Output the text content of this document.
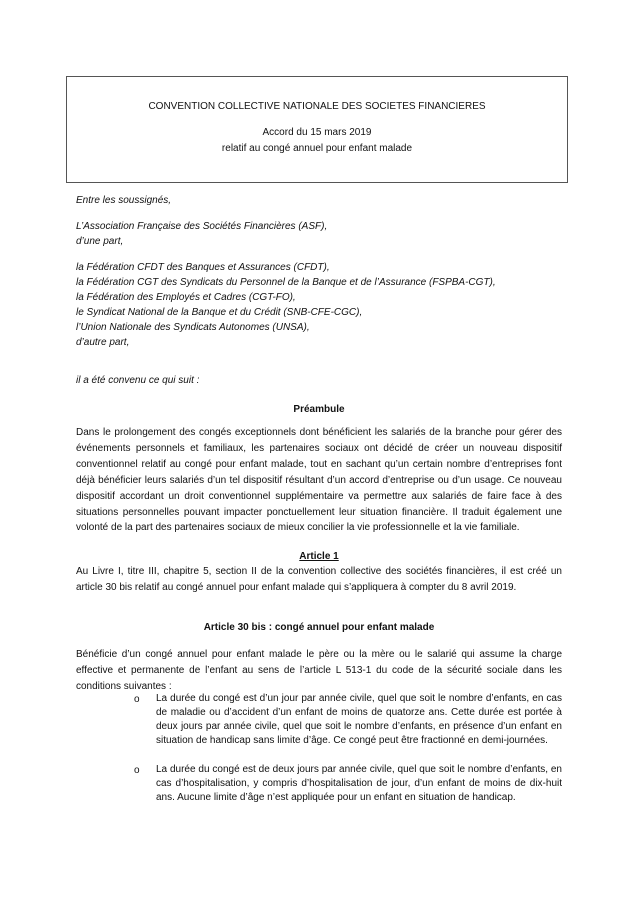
CONVENTION COLLECTIVE NATIONALE DES SOCIETES FINANCIERES
Accord du 15 mars 2019
relatif au congé annuel pour enfant malade
Entre les soussignés,
L’Association Française des Sociétés Financières (ASF),
d’une part,
la Fédération CFDT des Banques et Assurances (CFDT),
la Fédération CGT des Syndicats du Personnel de la Banque et de l’Assurance (FSPBA-CGT),
la Fédération des Employés et Cadres (CGT-FO),
le Syndicat National de la Banque et du Crédit (SNB-CFE-CGC),
l’Union Nationale des Syndicats Autonomes (UNSA),
d’autre part,
il a été convenu ce qui suit :
Préambule
Dans le prolongement des congés exceptionnels dont bénéficient les salariés de la branche pour gérer des événements personnels et familiaux, les partenaires sociaux ont décidé de créer un nouveau dispositif conventionnel relatif au congé pour enfant malade, tout en sachant qu’un certain nombre d’entreprises font déjà bénéficier leurs salariés d’un tel dispositif résultant d’un accord d’entreprise ou d’un usage. Ce nouveau dispositif accordant un droit conventionnel supplémentaire va permettre aux salariés de faire face à des situations personnelles pouvant impacter ponctuellement leur situation financière. Il traduit également une volonté de la part des partenaires sociaux de mieux concilier la vie professionnelle et la vie familiale.
Article 1
Au Livre I, titre III, chapitre 5, section II de la convention collective des sociétés financières, il est créé un article 30 bis relatif au congé annuel pour enfant malade qui s’appliquera à compter du 8 avril 2019.
Article 30 bis : congé annuel pour enfant malade
Bénéficie d’un congé annuel pour enfant malade le père ou la mère ou le salarié qui assume la charge effective et permanente de l’enfant au sens de l’article L 513-1 du code de la sécurité sociale dans les conditions suivantes :
o La durée du congé est d’un jour par année civile, quel que soit le nombre d’enfants, en cas de maladie ou d’accident d’un enfant de moins de quatorze ans. Cette durée est portée à deux jours par année civile, quel que soit le nombre d’enfants, en présence d’un enfant en situation de handicap sans limite d’âge. Ce congé peut être fractionné en demi-journées.
o La durée du congé est de deux jours par année civile, quel que soit le nombre d’enfants, en cas d’hospitalisation, y compris d’hospitalisation de jour, d’un enfant de moins de dix-huit ans. Aucune limite d’âge n’est appliquée pour un enfant en situation de handicap.
